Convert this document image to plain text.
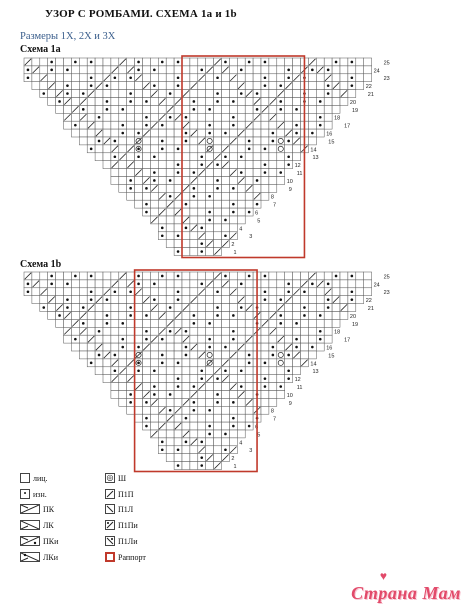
УЗОР С РОМБАМИ. СХЕМА 1а и 1b
Размеры 1X, 2X и 3X
Схема 1а
Схема 1b
25
24
23
22
21
20
19
18
17
16
15
14
13
12
11
10
9
8
7
6
5
4
3
2
1
25
24
23
22
21
20
19
18
17
16
15
14
13
12
11
10
9
8
7
6
5
4
3
2
1
лиц.
• изн.
ПК
ЛК
ПКи
ЛКи
◎ Ш
П1П
П1Л
П1Пи
П1Ли
Раппорт
♥
Страна Мам
